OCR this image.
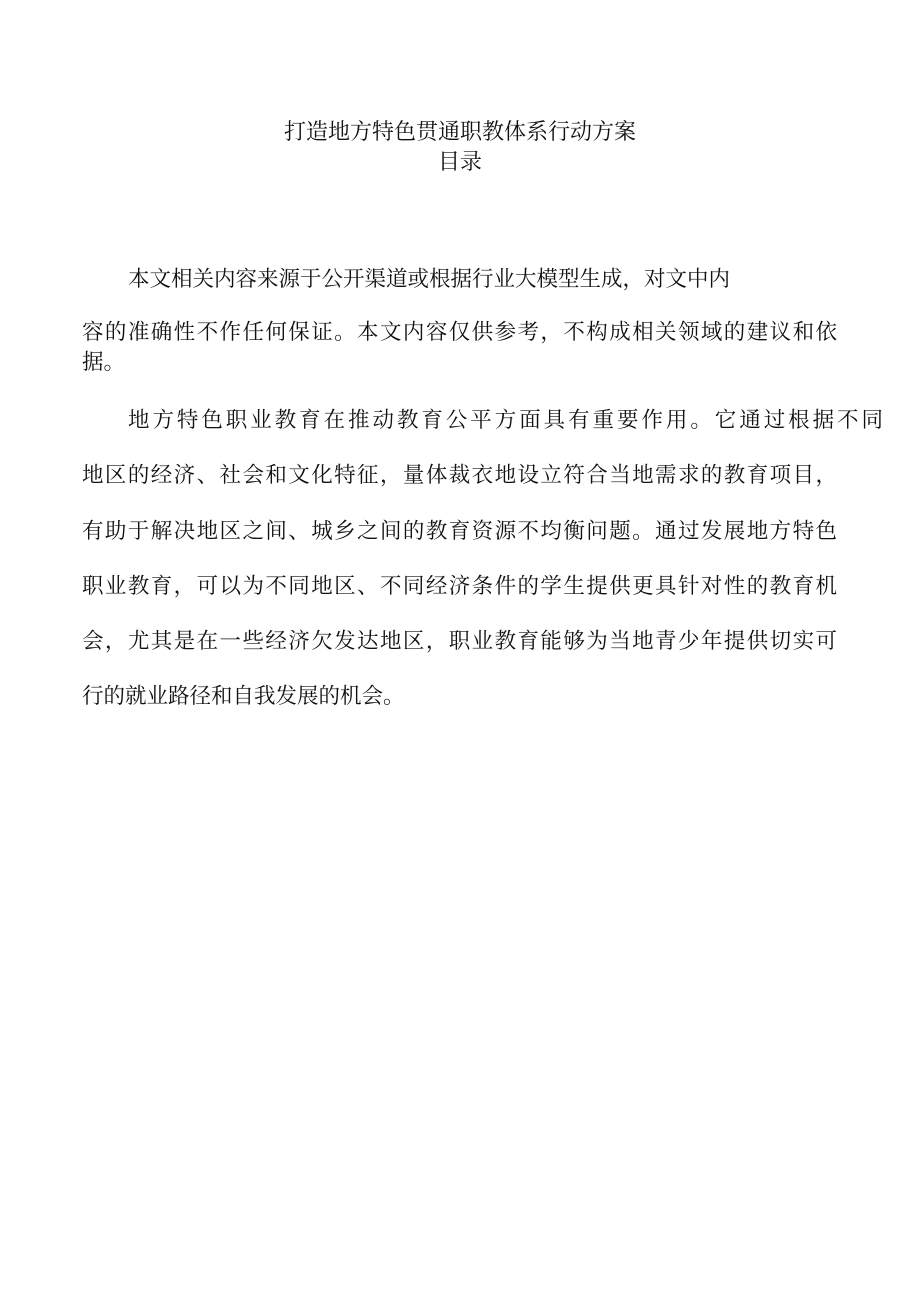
打造地方特色贯通职教体系行动方案
目录
本文相关内容来源于公开渠道或根据行业大模型生成，对文中内
容的准确性不作任何保证。本文内容仅供参考，不构成相关领域的建议和依
据。
地方特色职业教育在推动教育公平方面具有重要作用。它通过根据不同
地区的经济、社会和文化特征，量体裁衣地设立符合当地需求的教育项目，
有助于解决地区之间、城乡之间的教育资源不均衡问题。通过发展地方特色
职业教育，可以为不同地区、不同经济条件的学生提供更具针对性的教育机
会，尤其是在一些经济欠发达地区，职业教育能够为当地青少年提供切实可
行的就业路径和自我发展的机会。
